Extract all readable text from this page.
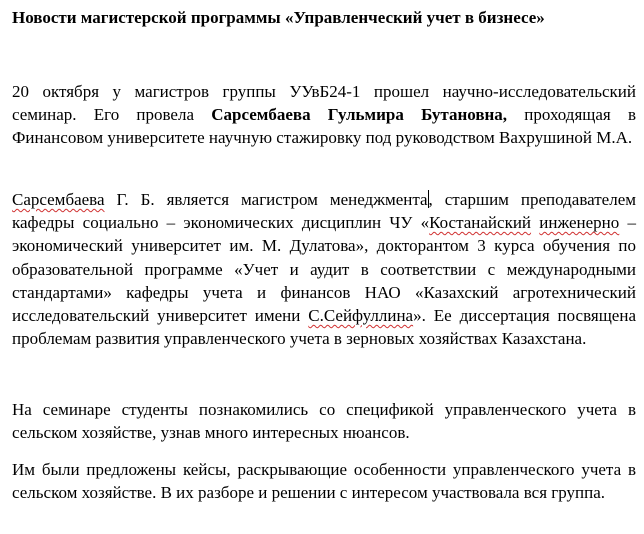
Новости магистерской программы «Управленческий учет в бизнесе»

20 октября у магистров группы УУвБ24-1 прошел научно-исследовательский семинар. Его провела Сарсембаева Гульмира Бутановна, проходящая в Финансовом университете научную стажировку под руководством Вахрушиной М.А.

Сарсембаева Г. Б. является магистром менеджмента, старшим преподавателем кафедры социально – экономических дисциплин ЧУ «Костанайский инженерно – экономический университет им. М. Дулатова», докторантом 3 курса обучения по образовательной программе «Учет и аудит в соответствии с международными стандартами» кафедры учета и финансов НАО «Казахский агротехнический исследовательский университет имени С.Сейфуллина». Ее диссертация посвящена проблемам развития управленческого учета в зерновых хозяйствах Казахстана.

На семинаре студенты познакомились со спецификой управленческого учета в сельском хозяйстве, узнав много интересных нюансов.

Им были предложены кейсы, раскрывающие особенности управленческого учета в сельском хозяйстве. В их разборе и решении с интересом участвовала вся группа.
